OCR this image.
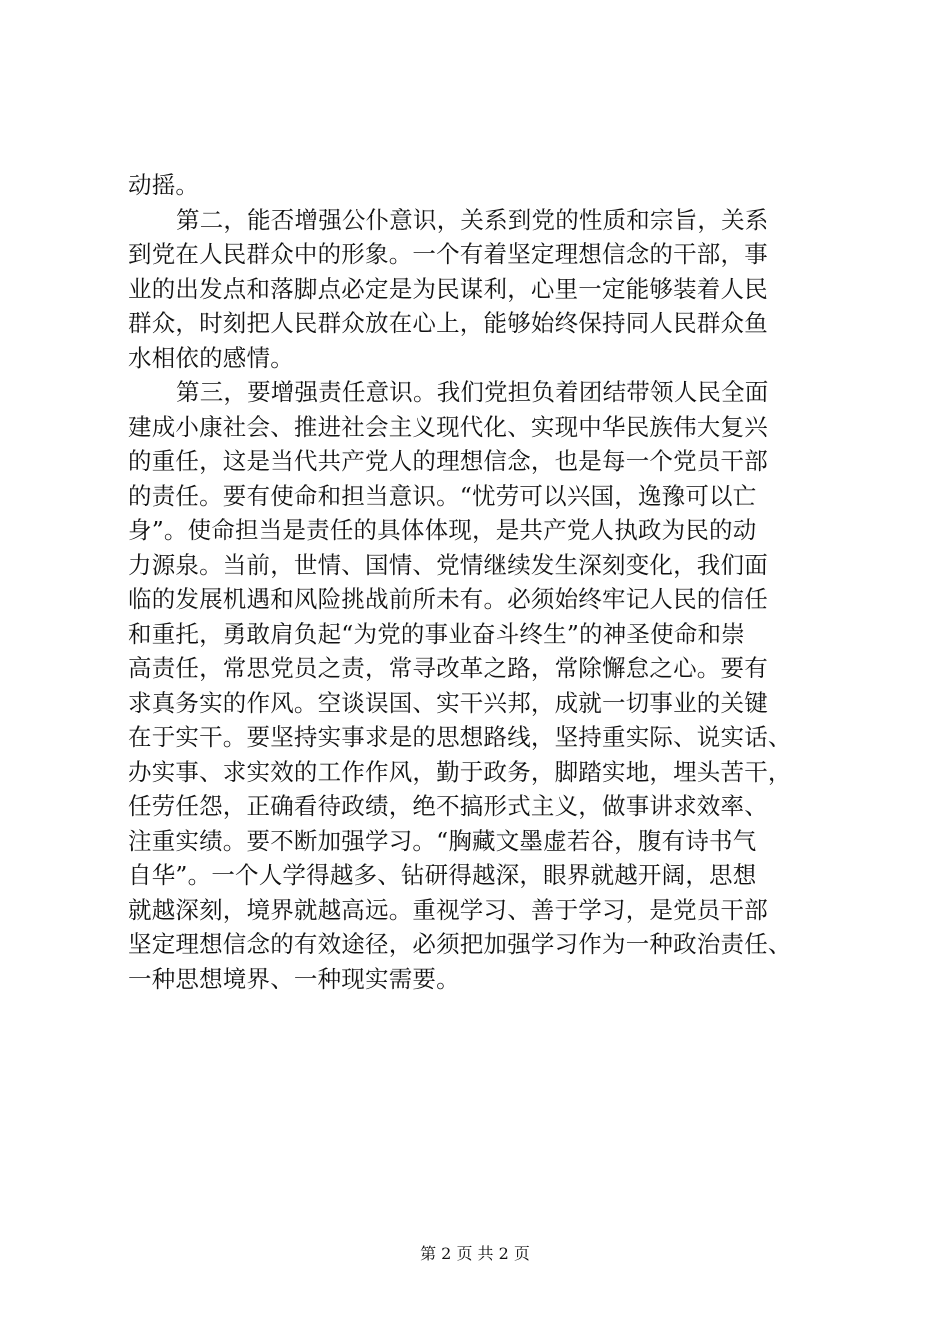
动摇。
第二，能否增强公仆意识，关系到党的性质和宗旨，关系
到党在人民群众中的形象。一个有着坚定理想信念的干部，事
业的出发点和落脚点必定是为民谋利，心里一定能够装着人民
群众，时刻把人民群众放在心上，能够始终保持同人民群众鱼
水相依的感情。
第三，要增强责任意识。我们党担负着团结带领人民全面
建成小康社会、推进社会主义现代化、实现中华民族伟大复兴
的重任，这是当代共产党人的理想信念，也是每一个党员干部
的责任。要有使命和担当意识。“忧劳可以兴国，逸豫可以亡
身”。使命担当是责任的具体体现，是共产党人执政为民的动
力源泉。当前，世情、国情、党情继续发生深刻变化，我们面
临的发展机遇和风险挑战前所未有。必须始终牢记人民的信任
和重托，勇敢肩负起“为党的事业奋斗终生”的神圣使命和崇
高责任，常思党员之责，常寻改革之路，常除懈怠之心。要有
求真务实的作风。空谈误国、实干兴邦，成就一切事业的关键
在于实干。要坚持实事求是的思想路线，坚持重实际、说实话、
办实事、求实效的工作作风，勤于政务，脚踏实地，埋头苦干，
任劳任怨，正确看待政绩，绝不搞形式主义，做事讲求效率、
注重实绩。要不断加强学习。“胸藏文墨虚若谷，腹有诗书气
自华”。一个人学得越多、钻研得越深，眼界就越开阔，思想
就越深刻，境界就越高远。重视学习、善于学习，是党员干部
坚定理想信念的有效途径，必须把加强学习作为一种政治责任、
一种思想境界、一种现实需要。
第 2 页 共 2 页
